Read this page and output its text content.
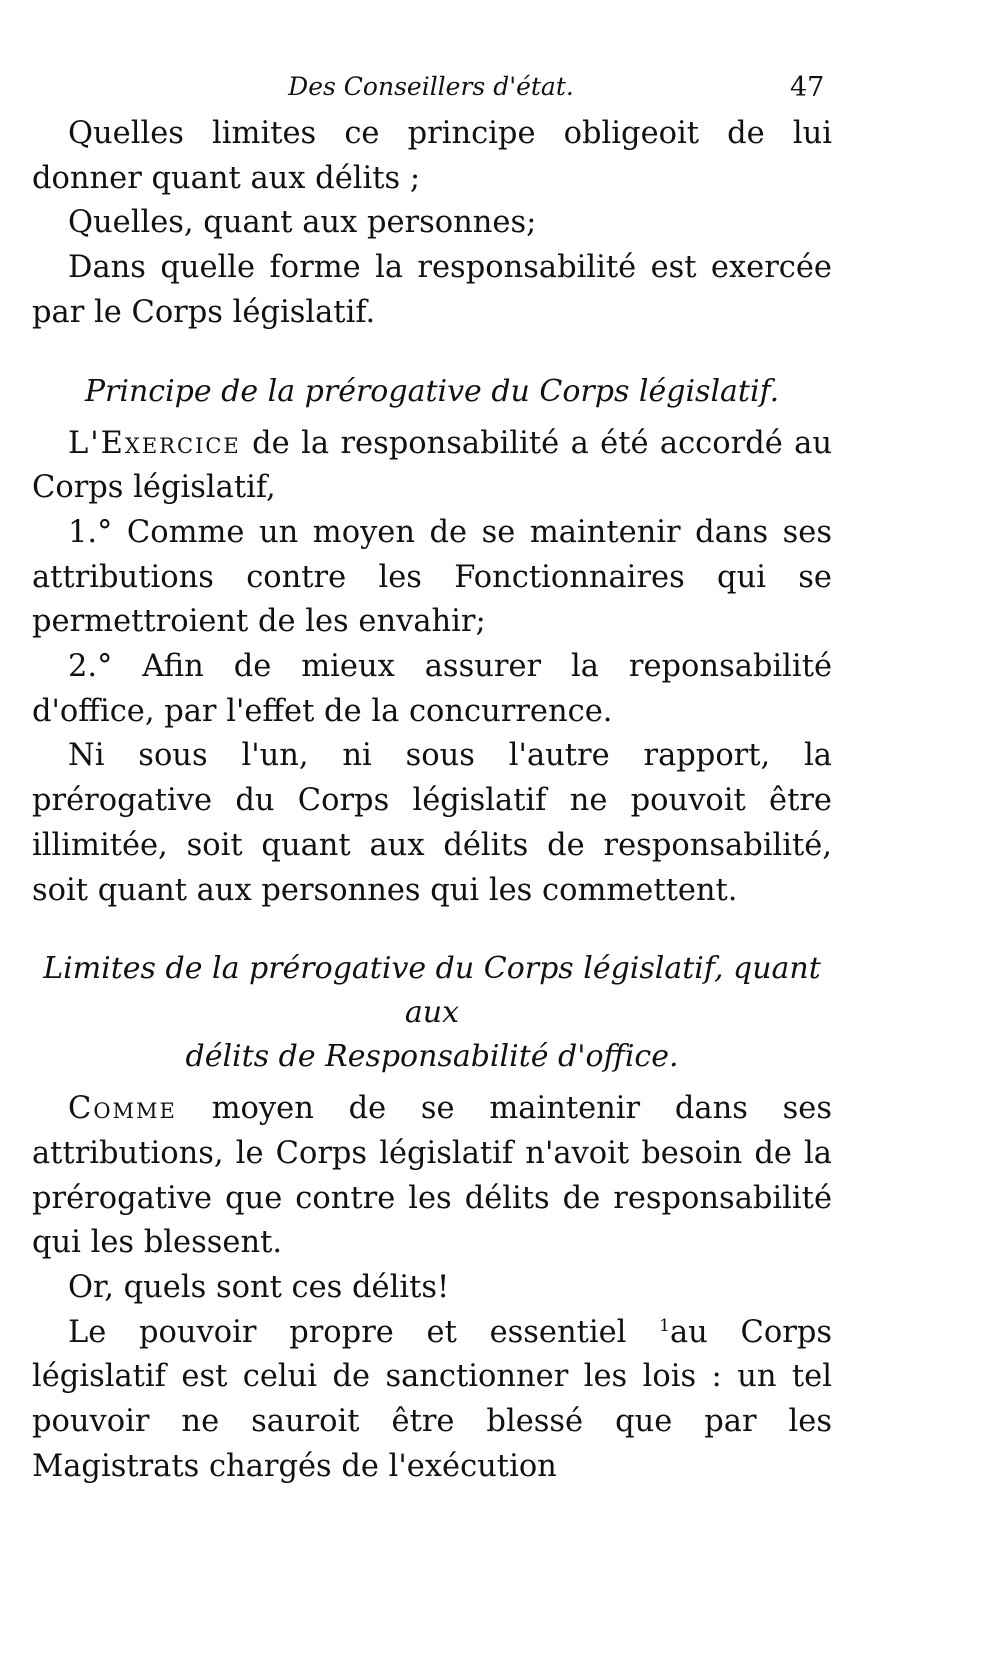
Des Conseillers d'état.	47

Quelles limites ce principe obligeoit de lui donner quant aux délits ;

Quelles, quant aux personnes;

Dans quelle forme la responsabilité est exercée par le Corps législatif.

Principe de la prérogative du Corps législatif.

L'Exercice de la responsabilité a été accordé au Corps législatif,

1.° Comme un moyen de se maintenir dans ses attributions contre les Fonctionnaires qui se permettroient de les envahir;

2.° Afin de mieux assurer la reponsabilité d'office, par l'effet de la concurrence.

Ni sous l'un, ni sous l'autre rapport, la prérogative du Corps législatif ne pouvoit être illimitée, soit quant aux délits de responsabilité, soit quant aux personnes qui les commettent.

Limites de la prérogative du Corps législatif, quant aux
délits de Responsabilité d'office.

Comme moyen de se maintenir dans ses attributions, le Corps législatif n'avoit besoin de la prérogative que contre les délits de responsabilité qui les blessent.

Or, quels sont ces délits!

Le pouvoir propre et essentiel $^1$au Corps législatif est celui de sanctionner les lois : un tel pouvoir ne sauroit être blessé que par les Magistrats chargés de l'exécution
